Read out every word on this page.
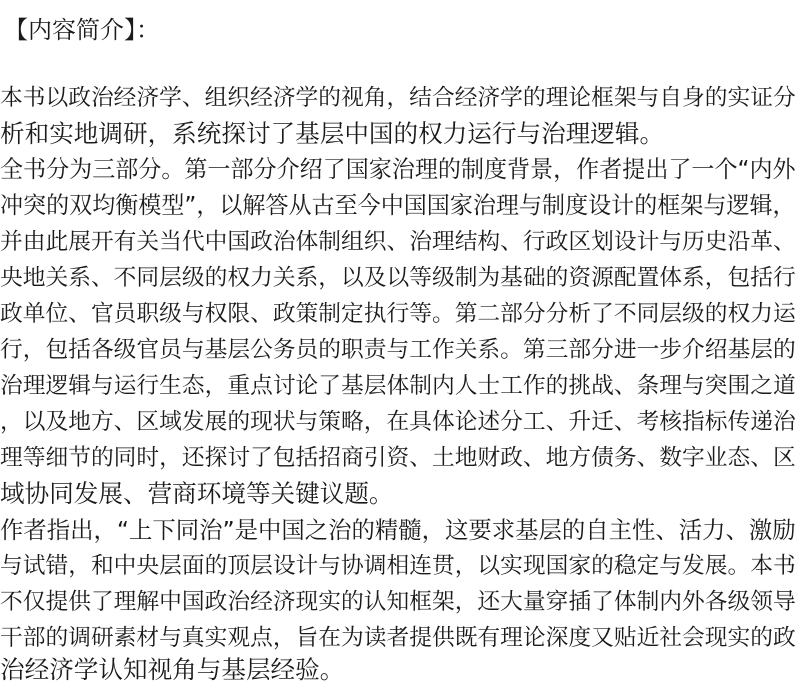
【内容简介】：
本书以政治经济学、组织经济学的视角，结合经济学的理论框架与自身的实证分
析和实地调研，系统探讨了基层中国的权力运行与治理逻辑。
全书分为三部分。第一部分介绍了国家治理的制度背景，作者提出了一个“内外
冲突的双均衡模型”，以解答从古至今中国国家治理与制度设计的框架与逻辑，
并由此展开有关当代中国政治体制组织、治理结构、行政区划设计与历史沿革、
央地关系、不同层级的权力关系，以及以等级制为基础的资源配置体系，包括行
政单位、官员职级与权限、政策制定执行等。第二部分分析了不同层级的权力运
行，包括各级官员与基层公务员的职责与工作关系。第三部分进一步介绍基层的
治理逻辑与运行生态，重点讨论了基层体制内人士工作的挑战、条理与突围之道
，以及地方、区域发展的现状与策略，在具体论述分工、升迁、考核指标传递治
理等细节的同时，还探讨了包括招商引资、土地财政、地方债务、数字业态、区
域协同发展、营商环境等关键议题。
作者指出，“上下同治”是中国之治的精髓，这要求基层的自主性、活力、激励
与试错，和中央层面的顶层设计与协调相连贯，以实现国家的稳定与发展。本书
不仅提供了理解中国政治经济现实的认知框架，还大量穿插了体制内外各级领导
干部的调研素材与真实观点，旨在为读者提供既有理论深度又贴近社会现实的政
治经济学认知视角与基层经验。
